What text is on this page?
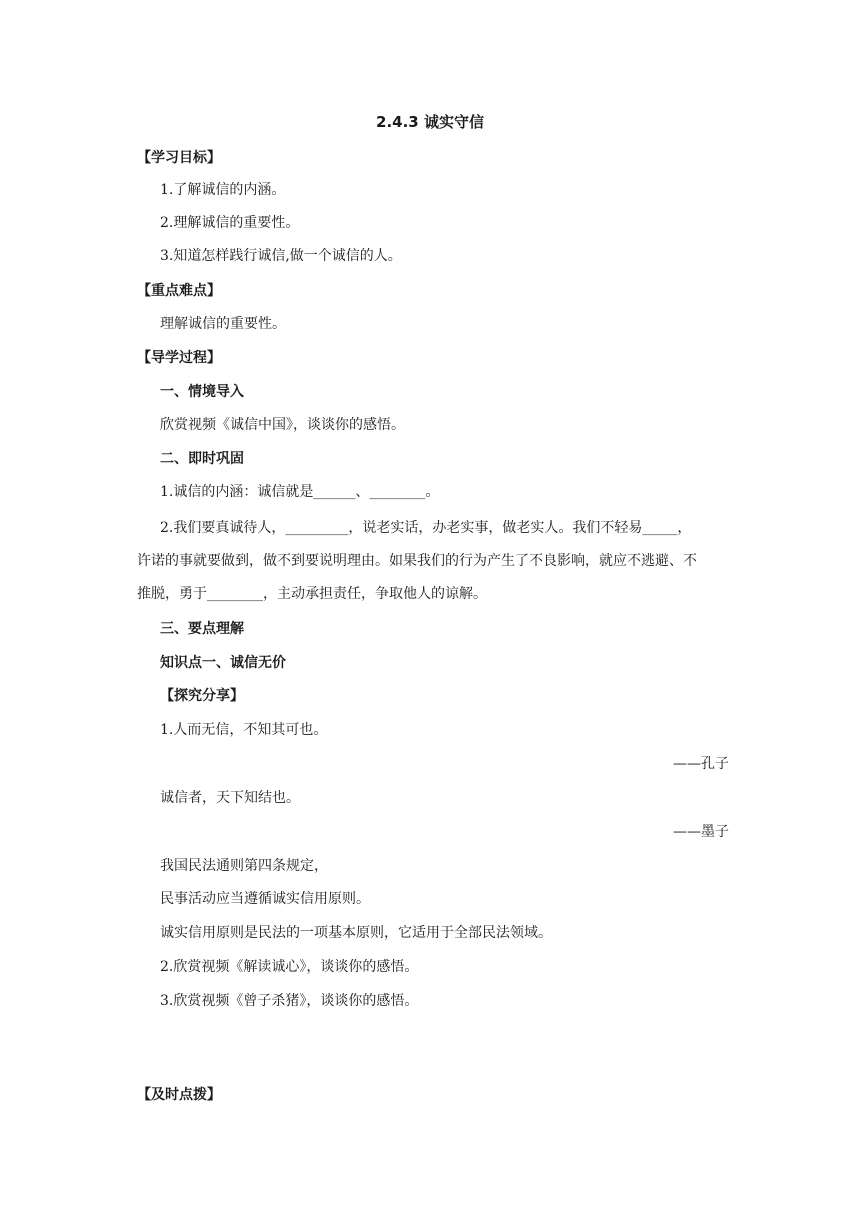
2.4.3 诚实守信
【学习目标】
1.了解诚信的内涵。
2.理解诚信的重要性。
3.知道怎样践行诚信,做一个诚信的人。
【重点难点】
理解诚信的重要性。
【导学过程】
一、情境导入
欣赏视频《诚信中国》，谈谈你的感悟。
二、即时巩固
1.诚信的内涵：诚信就是______、________。
2.我们要真诚待人，_________，说老实话，办老实事，做老实人。我们不轻易_____，
许诺的事就要做到，做不到要说明理由。如果我们的行为产生了不良影响，就应不逃避、不
推脱，勇于________，主动承担责任，争取他人的谅解。
三、要点理解
知识点一、诚信无价
【探究分享】
1.人而无信，不知其可也。
——孔子
诚信者，天下知结也。
——墨子
我国民法通则第四条规定，
民事活动应当遵循诚实信用原则。
诚实信用原则是民法的一项基本原则，它适用于全部民法领域。
2.欣赏视频《解读诚心》，谈谈你的感悟。
3.欣赏视频《曾子杀猪》，谈谈你的感悟。
【及时点拨】
